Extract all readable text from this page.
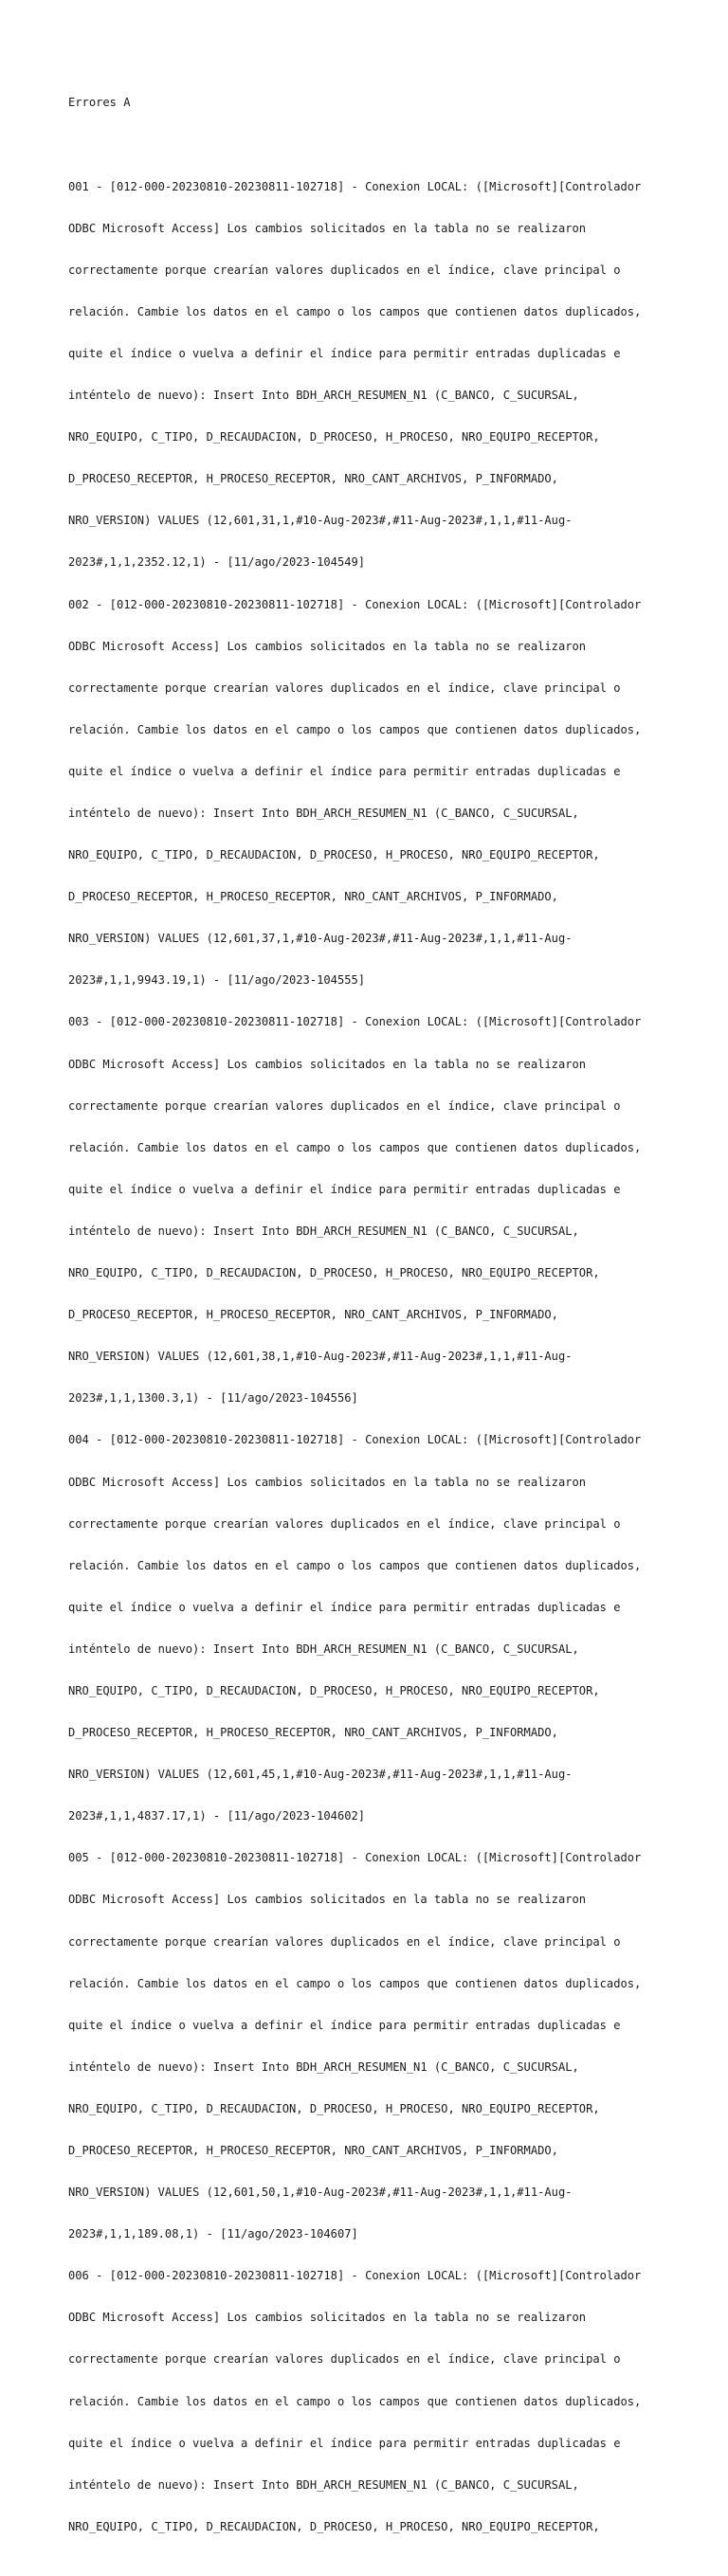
Errores A

001 - [012-000-20230810-20230811-102718] - Conexion LOCAL: ([Microsoft][Controlador

ODBC Microsoft Access] Los cambios solicitados en la tabla no se realizaron

correctamente porque crearían valores duplicados en el índice, clave principal o

relación. Cambie los datos en el campo o los campos que contienen datos duplicados,

quite el índice o vuelva a definir el índice para permitir entradas duplicadas e

inténtelo de nuevo): Insert Into BDH_ARCH_RESUMEN_N1 (C_BANCO, C_SUCURSAL,

NRO_EQUIPO, C_TIPO, D_RECAUDACION, D_PROCESO, H_PROCESO, NRO_EQUIPO_RECEPTOR,

D_PROCESO_RECEPTOR, H_PROCESO_RECEPTOR, NRO_CANT_ARCHIVOS, P_INFORMADO,

NRO_VERSION) VALUES (12,601,31,1,#10-Aug-2023#,#11-Aug-2023#,1,1,#11-Aug-

2023#,1,1,2352.12,1) - [11/ago/2023-104549]

002 - [012-000-20230810-20230811-102718] - Conexion LOCAL: ([Microsoft][Controlador

ODBC Microsoft Access] Los cambios solicitados en la tabla no se realizaron

correctamente porque crearían valores duplicados en el índice, clave principal o

relación. Cambie los datos en el campo o los campos que contienen datos duplicados,

quite el índice o vuelva a definir el índice para permitir entradas duplicadas e

inténtelo de nuevo): Insert Into BDH_ARCH_RESUMEN_N1 (C_BANCO, C_SUCURSAL,

NRO_EQUIPO, C_TIPO, D_RECAUDACION, D_PROCESO, H_PROCESO, NRO_EQUIPO_RECEPTOR,

D_PROCESO_RECEPTOR, H_PROCESO_RECEPTOR, NRO_CANT_ARCHIVOS, P_INFORMADO,

NRO_VERSION) VALUES (12,601,37,1,#10-Aug-2023#,#11-Aug-2023#,1,1,#11-Aug-

2023#,1,1,9943.19,1) - [11/ago/2023-104555]

003 - [012-000-20230810-20230811-102718] - Conexion LOCAL: ([Microsoft][Controlador

ODBC Microsoft Access] Los cambios solicitados en la tabla no se realizaron

correctamente porque crearían valores duplicados en el índice, clave principal o

relación. Cambie los datos en el campo o los campos que contienen datos duplicados,

quite el índice o vuelva a definir el índice para permitir entradas duplicadas e

inténtelo de nuevo): Insert Into BDH_ARCH_RESUMEN_N1 (C_BANCO, C_SUCURSAL,

NRO_EQUIPO, C_TIPO, D_RECAUDACION, D_PROCESO, H_PROCESO, NRO_EQUIPO_RECEPTOR,

D_PROCESO_RECEPTOR, H_PROCESO_RECEPTOR, NRO_CANT_ARCHIVOS, P_INFORMADO,

NRO_VERSION) VALUES (12,601,38,1,#10-Aug-2023#,#11-Aug-2023#,1,1,#11-Aug-

2023#,1,1,1300.3,1) - [11/ago/2023-104556]

004 - [012-000-20230810-20230811-102718] - Conexion LOCAL: ([Microsoft][Controlador

ODBC Microsoft Access] Los cambios solicitados en la tabla no se realizaron

correctamente porque crearían valores duplicados en el índice, clave principal o

relación. Cambie los datos en el campo o los campos que contienen datos duplicados,

quite el índice o vuelva a definir el índice para permitir entradas duplicadas e

inténtelo de nuevo): Insert Into BDH_ARCH_RESUMEN_N1 (C_BANCO, C_SUCURSAL,

NRO_EQUIPO, C_TIPO, D_RECAUDACION, D_PROCESO, H_PROCESO, NRO_EQUIPO_RECEPTOR,

D_PROCESO_RECEPTOR, H_PROCESO_RECEPTOR, NRO_CANT_ARCHIVOS, P_INFORMADO,

NRO_VERSION) VALUES (12,601,45,1,#10-Aug-2023#,#11-Aug-2023#,1,1,#11-Aug-

2023#,1,1,4837.17,1) - [11/ago/2023-104602]

005 - [012-000-20230810-20230811-102718] - Conexion LOCAL: ([Microsoft][Controlador

ODBC Microsoft Access] Los cambios solicitados en la tabla no se realizaron

correctamente porque crearían valores duplicados en el índice, clave principal o

relación. Cambie los datos en el campo o los campos que contienen datos duplicados,

quite el índice o vuelva a definir el índice para permitir entradas duplicadas e

inténtelo de nuevo): Insert Into BDH_ARCH_RESUMEN_N1 (C_BANCO, C_SUCURSAL,

NRO_EQUIPO, C_TIPO, D_RECAUDACION, D_PROCESO, H_PROCESO, NRO_EQUIPO_RECEPTOR,

D_PROCESO_RECEPTOR, H_PROCESO_RECEPTOR, NRO_CANT_ARCHIVOS, P_INFORMADO,

NRO_VERSION) VALUES (12,601,50,1,#10-Aug-2023#,#11-Aug-2023#,1,1,#11-Aug-

2023#,1,1,189.08,1) - [11/ago/2023-104607]

006 - [012-000-20230810-20230811-102718] - Conexion LOCAL: ([Microsoft][Controlador

ODBC Microsoft Access] Los cambios solicitados en la tabla no se realizaron

correctamente porque crearían valores duplicados en el índice, clave principal o

relación. Cambie los datos en el campo o los campos que contienen datos duplicados,

quite el índice o vuelva a definir el índice para permitir entradas duplicadas e

inténtelo de nuevo): Insert Into BDH_ARCH_RESUMEN_N1 (C_BANCO, C_SUCURSAL,

NRO_EQUIPO, C_TIPO, D_RECAUDACION, D_PROCESO, H_PROCESO, NRO_EQUIPO_RECEPTOR,
